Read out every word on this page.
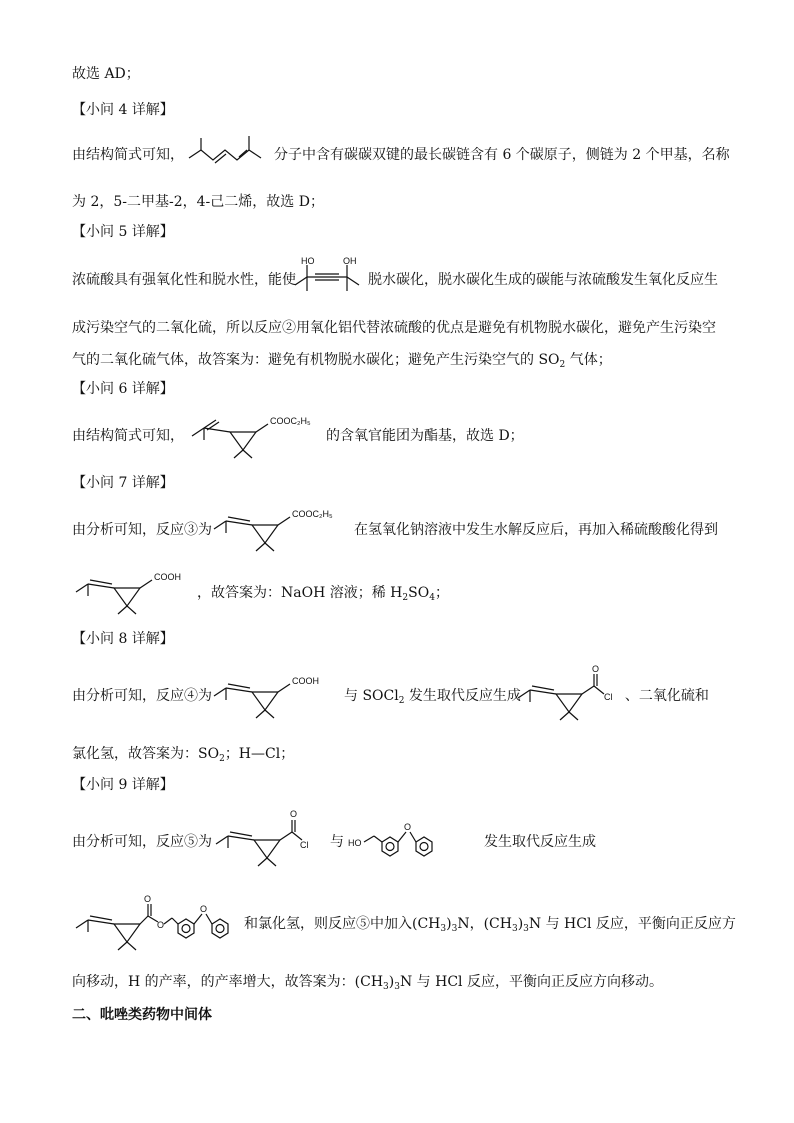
故选 AD；
【小问 4 详解】
由结构简式可知，	分子中含有碳碳双键的最长碳链含有 6 个碳原子，侧链为 2 个甲基，名称
为 2，5-二甲基-2，4-己二烯，故选 D；
【小问 5 详解】
浓硫酸具有强氧化性和脱水性，能使	脱水碳化，脱水碳化生成的碳能与浓硫酸发生氧化反应生
HO	OH
成污染空气的二氧化硫，所以反应②用氧化铝代替浓硫酸的优点是避免有机物脱水碳化，避免产生污染空
气的二氧化硫气体，故答案为：避免有机物脱水碳化；避免产生污染空气的 $SO_2$ 气体；
【小问 6 详解】
由结构简式可知，	的含氧官能团为酯基，故选 D；
COOC₂H₅
【小问 7 详解】
由分析可知，反应③为	在氢氧化钠溶液中发生水解反应后，再加入稀硫酸酸化得到
COOC₂H₅
，故答案为：NaOH 溶液；稀 $H_2SO_4$；
COOH
【小问 8 详解】
由分析可知，反应④为	与 SOCl$_2$ 发生取代反应生成	、二氧化硫和
COOH
O
Cl
氯化氢，故答案为：$SO_2$；H—Cl；
【小问 9 详解】
由分析可知，反应⑤为	与	发生取代反应生成
O
Cl	HO
O
和氯化氢，则反应⑤中加入$(CH_3)_3N$，$(CH_3)_3N$ 与 HCl 反应，平衡向正反应方
O
O
O
向移动，H 的产率，的产率增大，故答案为：$(CH_3)_3N$ 与 HCl 反应，平衡向正反应方向移动。
二、吡唑类药物中间体
